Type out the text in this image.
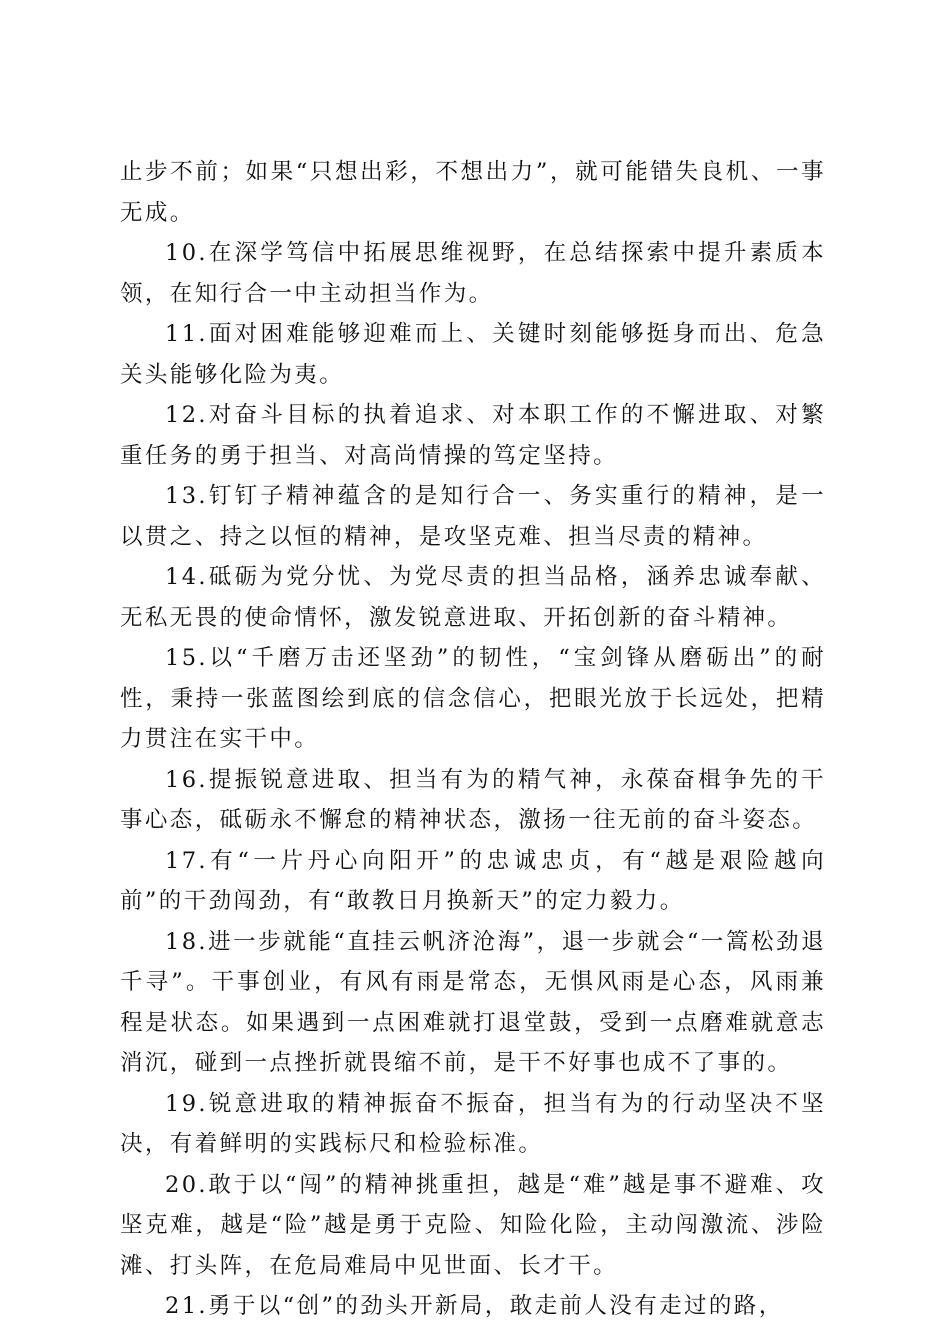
止步不前；如果“只想出彩，不想出力”，就可能错失良机、一事无成。

10.在深学笃信中拓展思维视野，在总结探索中提升素质本领，在知行合一中主动担当作为。

11.面对困难能够迎难而上、关键时刻能够挺身而出、危急关头能够化险为夷。

12.对奋斗目标的执着追求、对本职工作的不懈进取、对繁重任务的勇于担当、对高尚情操的笃定坚持。

13.钉钉子精神蕴含的是知行合一、务实重行的精神，是一以贯之、持之以恒的精神，是攻坚克难、担当尽责的精神。

14.砥砺为党分忧、为党尽责的担当品格，涵养忠诚奉献、无私无畏的使命情怀，激发锐意进取、开拓创新的奋斗精神。

15.以“千磨万击还坚劲”的韧性，“宝剑锋从磨砺出”的耐性，秉持一张蓝图绘到底的信念信心，把眼光放于长远处，把精力贯注在实干中。

16.提振锐意进取、担当有为的精气神，永葆奋楫争先的干事心态，砥砺永不懈怠的精神状态，激扬一往无前的奋斗姿态。

17.有“一片丹心向阳开”的忠诚忠贞，有“越是艰险越向前”的干劲闯劲，有“敢教日月换新天”的定力毅力。

18.进一步就能“直挂云帆济沧海”，退一步就会“一篙松劲退千寻”。干事创业，有风有雨是常态，无惧风雨是心态，风雨兼程是状态。如果遇到一点困难就打退堂鼓，受到一点磨难就意志消沉，碰到一点挫折就畏缩不前，是干不好事也成不了事的。

19.锐意进取的精神振奋不振奋，担当有为的行动坚决不坚决，有着鲜明的实践标尺和检验标准。

20.敢于以“闯”的精神挑重担，越是“难”越是事不避难、攻坚克难，越是“险”越是勇于克险、知险化险，主动闯激流、涉险滩、打头阵，在危局难局中见世面、长才干。

21.勇于以“创”的劲头开新局，敢走前人没有走过的路，
